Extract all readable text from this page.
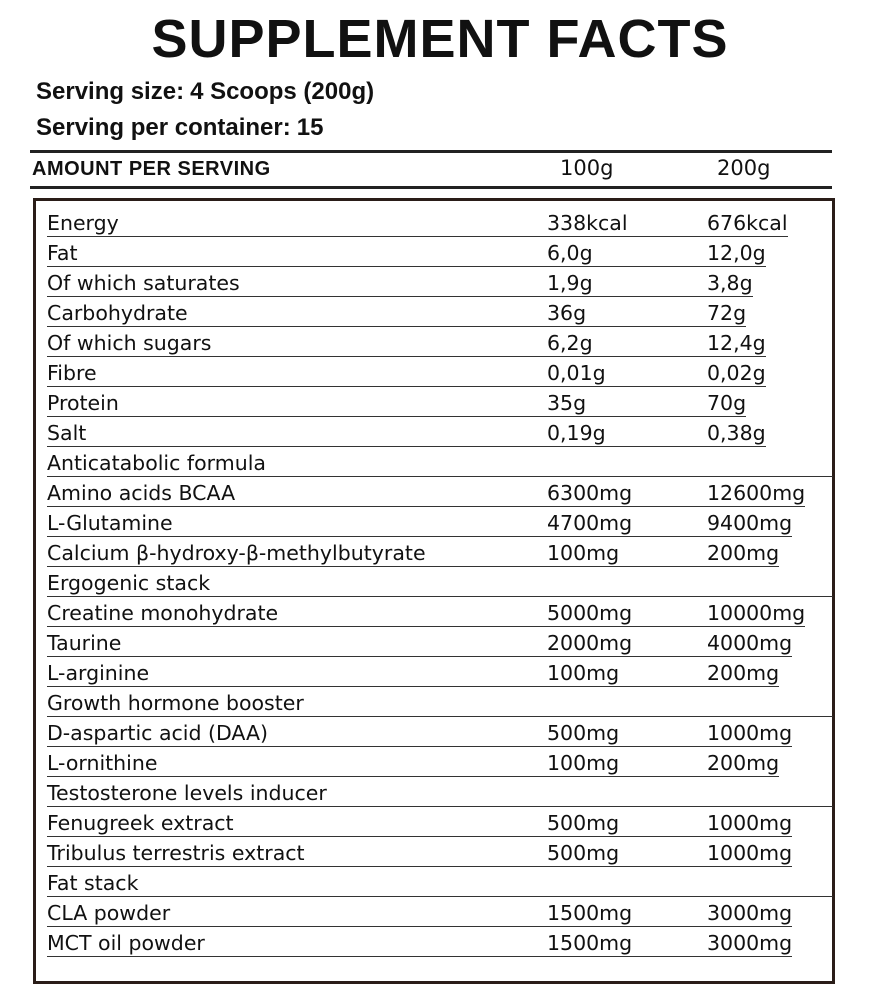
SUPPLEMENT FACTS
Serving size: 4 Scoops (200g)
Serving per container: 15
AMOUNT PER SERVING	100g	200g
Energy	338kcal	676kcal
Fat	6,0g	12,0g
Of which saturates	1,9g	3,8g
Carbohydrate	36g	72g
Of which sugars	6,2g	12,4g
Fibre	0,01g	0,02g
Protein	35g	70g
Salt	0,19g	0,38g
Anticatabolic formula
Amino acids BCAA	6300mg	12600mg
L-Glutamine	4700mg	9400mg
Calcium β-hydroxy-β-methylbutyrate	100mg	200mg
Ergogenic stack
Creatine monohydrate	5000mg	10000mg
Taurine	2000mg	4000mg
L-arginine	100mg	200mg
Growth hormone booster
D-aspartic acid (DAA)	500mg	1000mg
L-ornithine	100mg	200mg
Testosterone levels inducer
Fenugreek extract	500mg	1000mg
Tribulus terrestris extract	500mg	1000mg
Fat stack
CLA powder	1500mg	3000mg
MCT oil powder	1500mg	3000mg
